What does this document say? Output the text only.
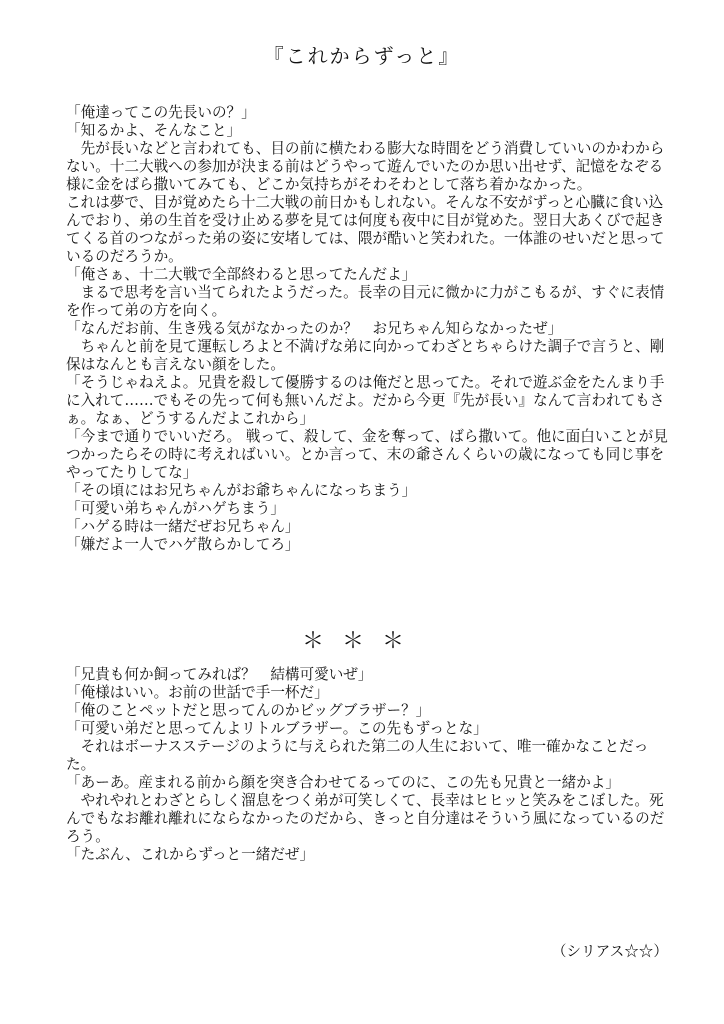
『これからずっと』

「俺達ってこの先長いの？」

「知るかよ、そんなこと」

　先が長いなどと言われても、目の前に横たわる膨大な時間をどう消費していいのかわからない。十二大戦への参加が決まる前はどうやって遊んでいたのか思い出せず、記憶をなぞる様に金をばら撒いてみても、どこか気持ちがそわそわとして落ち着かなかった。

これは夢で、目が覚めたら十二大戦の前日かもしれない。そんな不安がずっと心臓に食い込んでおり、弟の生首を受け止める夢を見ては何度も夜中に目が覚めた。翌日大あくびで起きてくる首のつながった弟の姿に安堵しては、隈が酷いと笑われた。一体誰のせいだと思っているのだろうか。

「俺さぁ、十二大戦で全部終わると思ってたんだよ」

　まるで思考を言い当てられたようだった。長幸の目元に微かに力がこもるが、すぐに表情を作って弟の方を向く。

「なんだお前、生き残る気がなかったのか？　お兄ちゃん知らなかったぜ」

　ちゃんと前を見て運転しろよと不満げな弟に向かってわざとちゃらけた調子で言うと、剛保はなんとも言えない顔をした。

「そうじゃねえよ。兄貴を殺して優勝するのは俺だと思ってた。それで遊ぶ金をたんまり手に入れて……でもその先って何も無いんだよ。だから今更『先が長い』なんて言われてもさぁ。なぁ、どうするんだよこれから」

「今まで通りでいいだろ。 戦って、殺して、金を奪って、ばら撒いて。他に面白いことが見つかったらその時に考えればいい。とか言って、末の爺さんくらいの歳になっても同じ事をやってたりしてな」

「その頃にはお兄ちゃんがお爺ちゃんになっちまう」

「可愛い弟ちゃんがハゲちまう」

「ハゲる時は一緒だぜお兄ちゃん」

「嫌だよ一人でハゲ散らかしてろ」

＊＊＊

「兄貴も何か飼ってみれば？　結構可愛いぜ」

「俺様はいい。お前の世話で手一杯だ」

「俺のことペットだと思ってんのかビッグブラザー？」

「可愛い弟だと思ってんよリトルブラザー。この先もずっとな」

　それはボーナスステージのように与えられた第二の人生において、唯一確かなことだった。

「あーあ。産まれる前から顔を突き合わせてるってのに、この先も兄貴と一緒かよ」

　やれやれとわざとらしく溜息をつく弟が可笑しくて、長幸はヒヒッと笑みをこぼした。死んでもなお離れ離れにならなかったのだから、きっと自分達はそういう風になっているのだろう。

「たぶん、これからずっと一緒だぜ」

（シリアス☆☆）
